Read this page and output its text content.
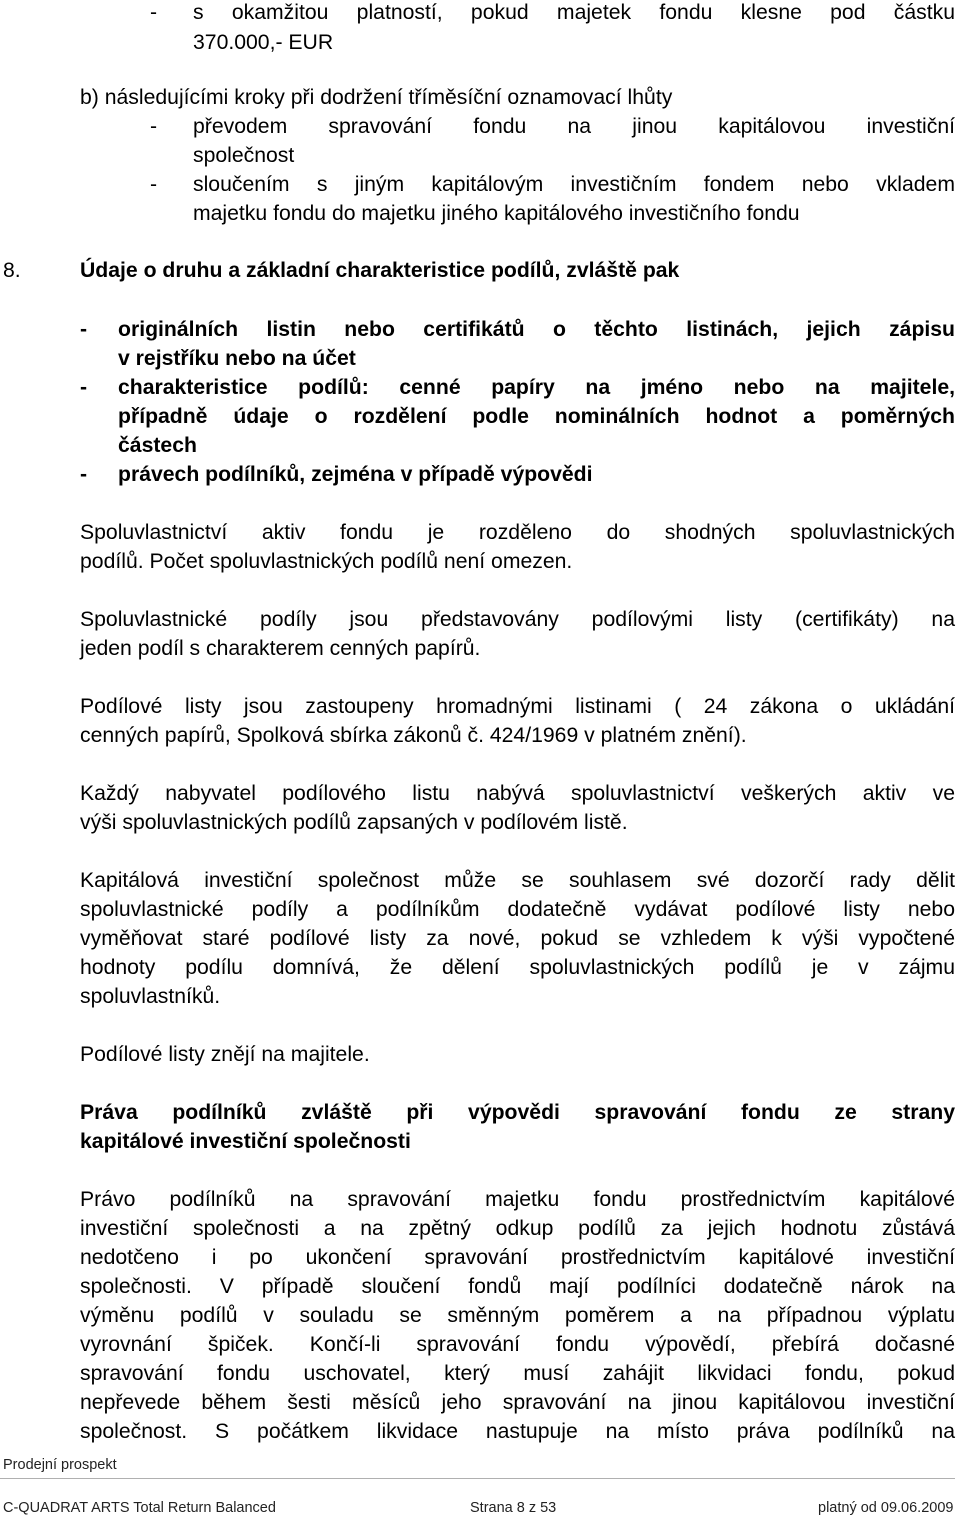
- s okamžitou platností, pokud majetek fondu klesne pod částku
370.000,- EUR
b) následujícími kroky při dodržení tříměsíční oznamovací lhůty
- převodem spravování fondu na jinou kapitálovou investiční
společnost
- sloučením s jiným kapitálovým investičním fondem nebo vkladem
majetku fondu do majetku jiného kapitálového investičního fondu
8.	Údaje o druhu a základní charakteristice podílů, zvláště pak
- originálních listin nebo certifikátů o těchto listinách, jejich zápisu
v rejstříku nebo na účet
- charakteristice podílů: cenné papíry na jméno nebo na majitele,
případně údaje o rozdělení podle nominálních hodnot a poměrných
částech
- právech podílníků, zejména v případě výpovědi
Spoluvlastnictví aktiv fondu je rozděleno do shodných spoluvlastnických
podílů. Počet spoluvlastnických podílů není omezen.
Spoluvlastnické podíly jsou představovány podílovými listy (certifikáty) na
jeden podíl s charakterem cenných papírů.
Podílové listy jsou zastoupeny hromadnými listinami ( 24 zákona o ukládání
cenných papírů, Spolková sbírka zákonů č. 424/1969 v platném znění).
Každý nabyvatel podílového listu nabývá spoluvlastnictví veškerých aktiv ve
výši spoluvlastnických podílů zapsaných v podílovém listě.
Kapitálová investiční společnost může se souhlasem své dozorčí rady dělit
spoluvlastnické podíly a podílníkům dodatečně vydávat podílové listy nebo
vyměňovat staré podílové listy za nové, pokud se vzhledem k výši vypočtené
hodnoty podílu domnívá, že dělení spoluvlastnických podílů je v zájmu
spoluvlastníků.
Podílové listy znějí na majitele.
Práva podílníků zvláště při výpovědi spravování fondu ze strany
kapitálové investiční společnosti
Právo podílníků na spravování majetku fondu prostřednictvím kapitálové
investiční společnosti a na zpětný odkup podílů za jejich hodnotu zůstává
nedotčeno i po ukončení spravování prostřednictvím kapitálové investiční
společnosti. V případě sloučení fondů mají podílníci dodatečně nárok na
výměnu podílů v souladu se směnným poměrem a na případnou výplatu
vyrovnání špiček. Končí-li spravování fondu výpovědí, přebírá dočasné
spravování fondu uschovatel, který musí zahájit likvidaci fondu, pokud
nepřevede během šesti měsíců jeho spravování na jinou kapitálovou investiční
společnost. S počátkem likvidace nastupuje na místo práva podílníků na
Prodejní prospekt
C-QUADRAT ARTS Total Return Balanced	Strana 8 z 53	platný od 09.06.2009
